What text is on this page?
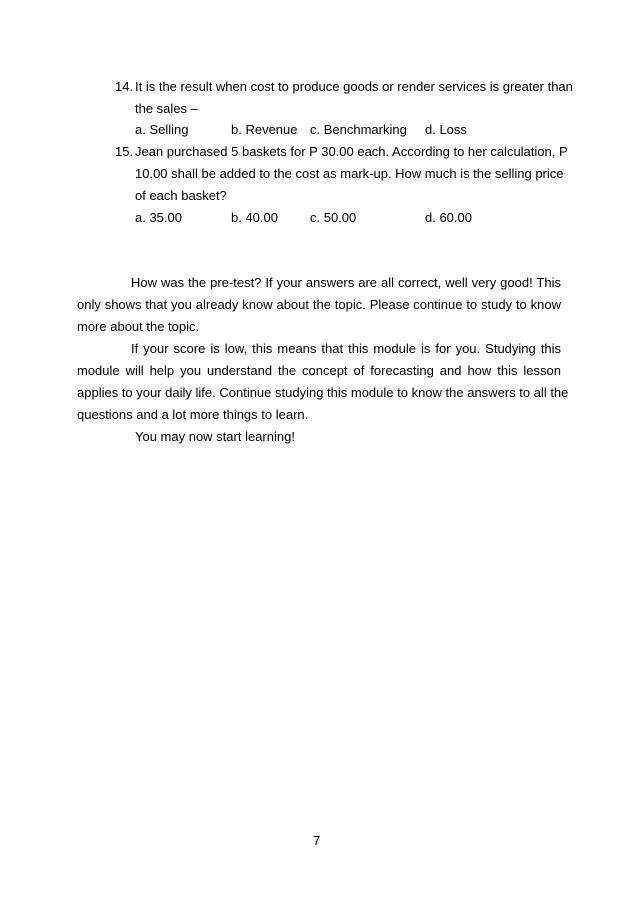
14. It is the result when cost to produce goods or render services is greater than
the sales –
a. Selling	b. Revenue c. Benchmarking d. Loss
15. Jean purchased 5 baskets for P 30.00 each. According to her calculation, P
10.00 shall be added to the cost as mark-up. How much is the selling price
of each basket?
a. 35.00	b. 40.00 c. 50.00	d. 60.00
How was the pre-test? If your answers are all correct, well very good! This
only shows that you already know about the topic. Please continue to study to know
more about the topic.
If your score is low, this means that this module is for you. Studying this
module will help you understand the concept of forecasting and how this lesson
applies to your daily life. Continue studying this module to know the answers to all the
questions and a lot more things to learn.
You may now start learning!
7
